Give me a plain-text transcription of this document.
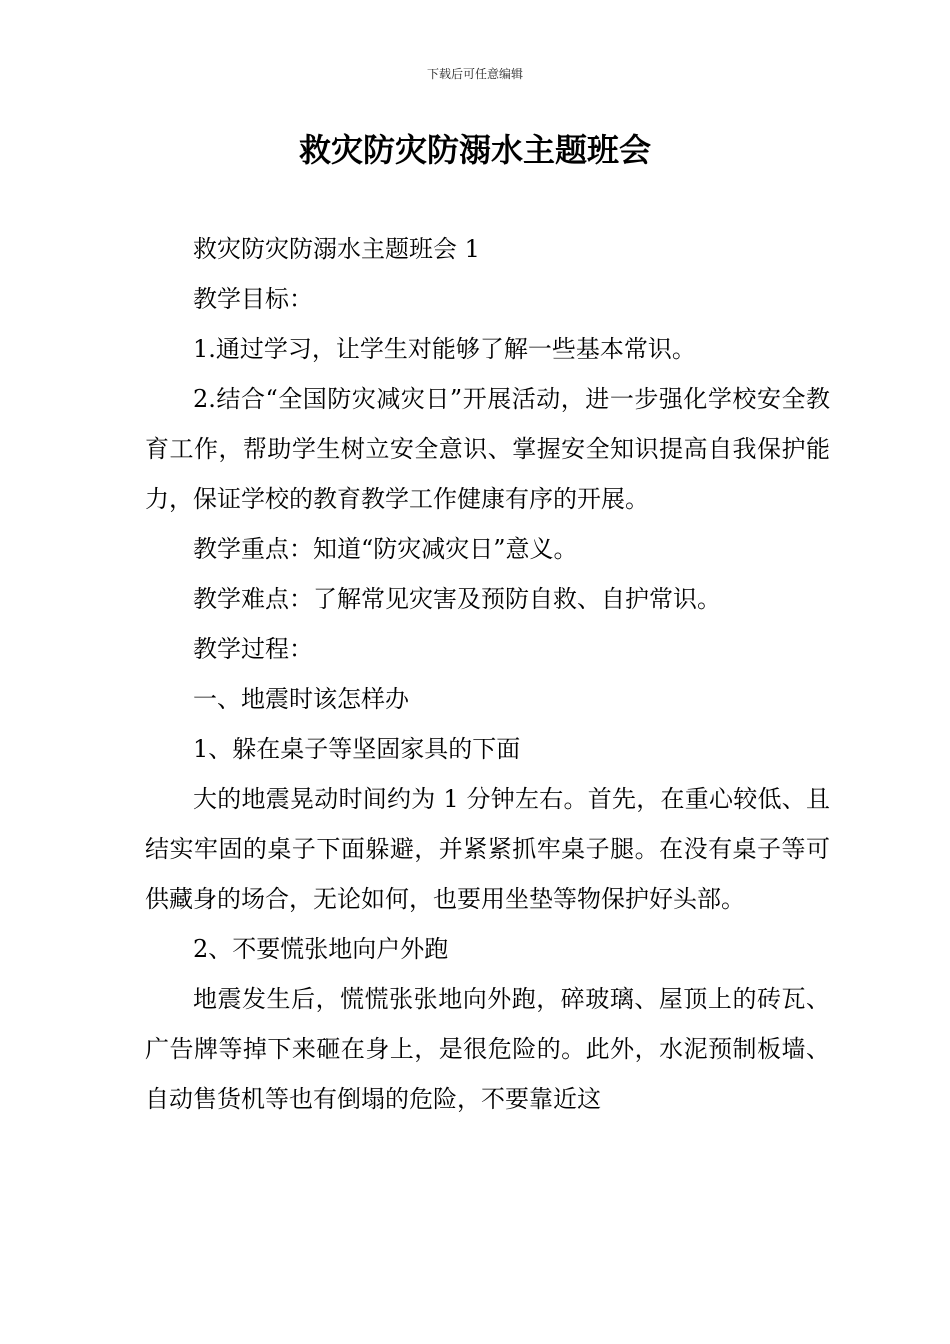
下载后可任意编辑
救灾防灾防溺水主题班会

救灾防灾防溺水主题班会 1

教学目标：

1.通过学习，让学生对能够了解一些基本常识。

2.结合“全国防灾减灾日”开展活动，进一步强化学校安全教育工作，帮助学生树立安全意识、掌握安全知识提高自我保护能力，保证学校的教育教学工作健康有序的开展。

教学重点：知道“防灾减灾日”意义。

教学难点：了解常见灾害及预防自救、自护常识。

教学过程：

一、地震时该怎样办

1、躲在桌子等坚固家具的下面

大的地震晃动时间约为 1 分钟左右。首先，在重心较低、且结实牢固的桌子下面躲避，并紧紧抓牢桌子腿。在没有桌子等可供藏身的场合，无论如何，也要用坐垫等物保护好头部。

2、不要慌张地向户外跑

地震发生后，慌慌张张地向外跑，碎玻璃、屋顶上的砖瓦、广告牌等掉下来砸在身上，是很危险的。此外，水泥预制板墙、自动售货机等也有倒塌的危险，不要靠近这
